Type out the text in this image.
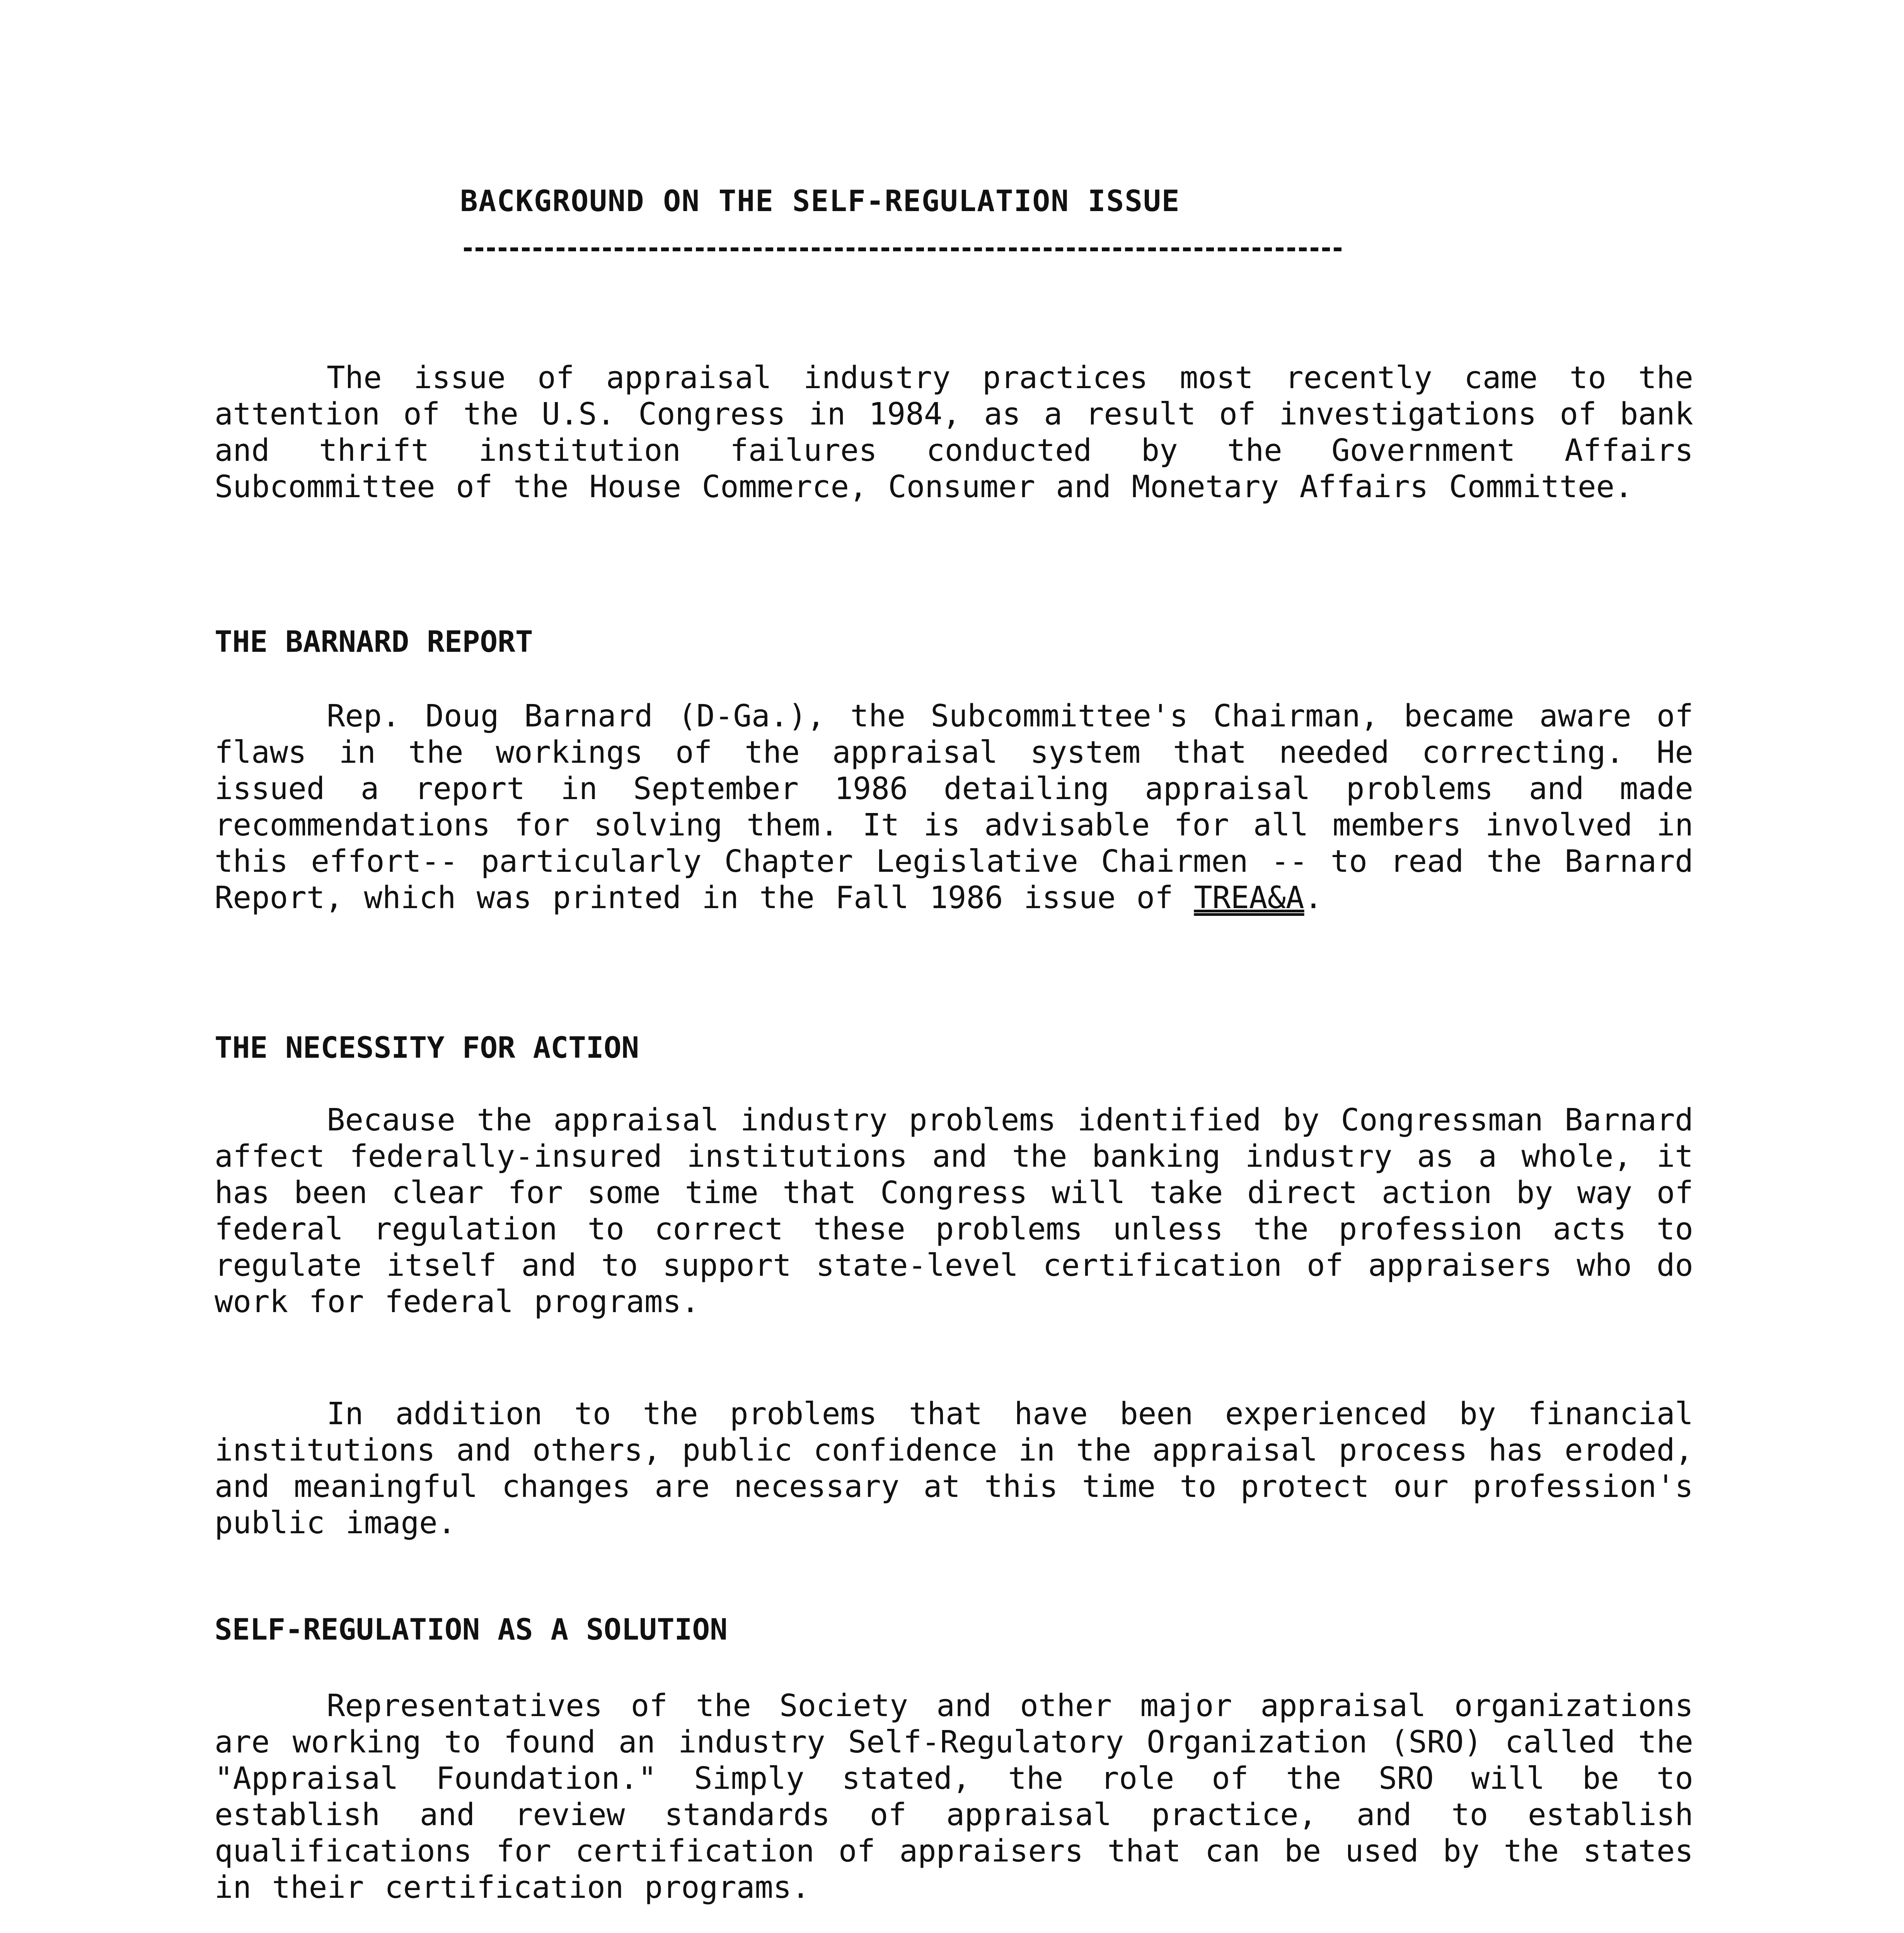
BACKGROUND ON THE SELF-REGULATION ISSUE

The issue of appraisal industry practices most recently came to the attention of the U.S. Congress in 1984, as a result of investigations of bank and thrift institution failures conducted by the Government Affairs Subcommittee of the House Commerce, Consumer and Monetary Affairs Committee.

THE BARNARD REPORT

Rep. Doug Barnard (D-Ga.), the Subcommittee's Chairman, became aware of flaws in the workings of the appraisal system that needed correcting. He issued a report in September 1986 detailing appraisal problems and made recommendations for solving them. It is advisable for all members involved in this effort-- particularly Chapter Legislative Chairmen -- to read the Barnard Report, which was printed in the Fall 1986 issue of TREA&A.

THE NECESSITY FOR ACTION

Because the appraisal industry problems identified by Congressman Barnard affect federally-insured institutions and the banking industry as a whole, it has been clear for some time that Congress will take direct action by way of federal regulation to correct these problems unless the profession acts to regulate itself and to support state-level certification of appraisers who do work for federal programs.

In addition to the problems that have been experienced by financial institutions and others, public confidence in the appraisal process has eroded, and meaningful changes are necessary at this time to protect our profession's public image.

SELF-REGULATION AS A SOLUTION

Representatives of the Society and other major appraisal organizations are working to found an industry Self-Regulatory Organization (SRO) called the "Appraisal Foundation." Simply stated, the role of the SRO will be to establish and review standards of appraisal practice, and to establish qualifications for certification of appraisers that can be used by the states in their certification programs.
